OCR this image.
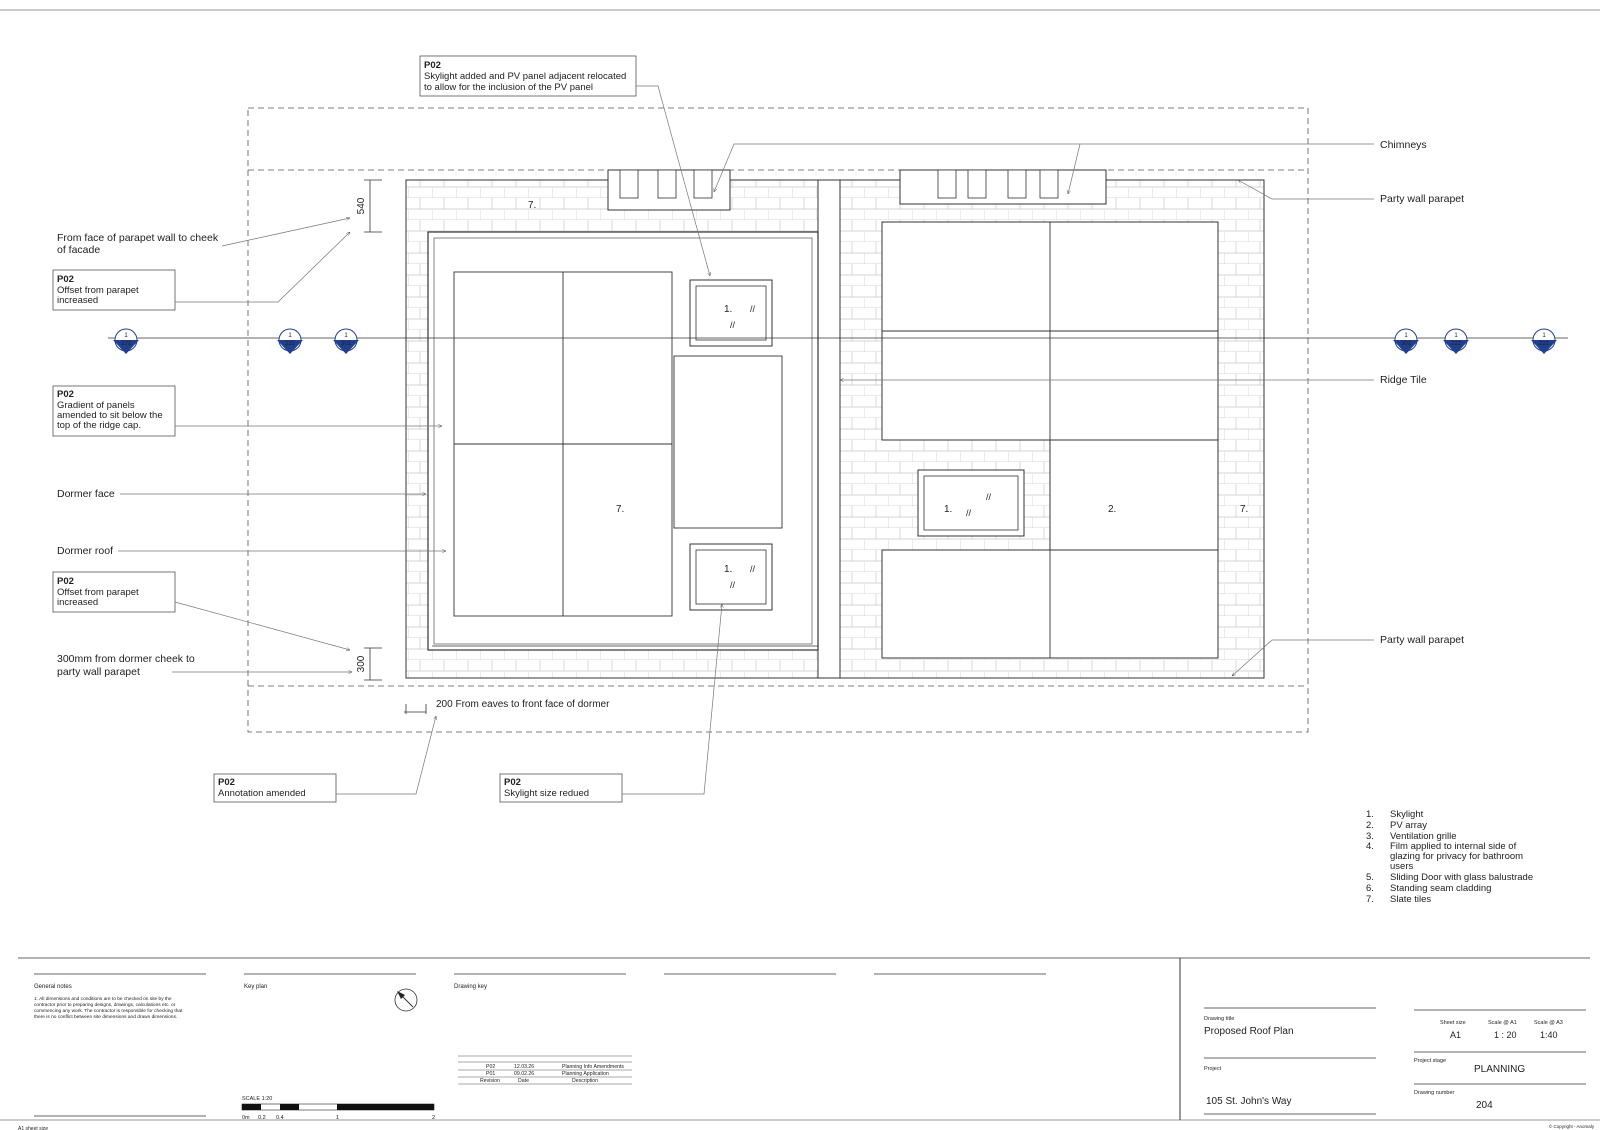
1. //
//
1. //
//
1.
//
//
7.
7.	2.	7.
1
221
1
222
1
301
1
301
1
222
1
221
540
300
200 From eaves to front face of dormer
P02
Skylight added and PV panel adjacent relocated
to allow for the inclusion of the PV panel
From face of parapet wall to cheek
of facade
P02
Offset from parapet
increased
P02
Gradient of panels
amended to sit below the
top of the ridge cap.
Dormer face
Dormer roof
P02
Offset from parapet
increased
300mm from dormer cheek to
party wall parapet
P02
Annotation amended
P02
Skylight size redued
Chimneys
Party wall parapet
Ridge Tile
Party wall parapet
1. Skylight
2. PV array
3. Ventilation grille
4. Film applied to internal side of
glazing for privacy for bathroom
users
5. Sliding Door with glass balustrade
6. Standing seam cladding
7. Slate tiles
General notes
1. All dimensions and conditions are to be checked on site by the
contractor prior to preparing designs, drawings, calculations etc. or
commencing any work. The contractor is responsible for checking that
there is no conflict between site dimensions and drawn dimensions.
A1 sheet size
Key plan
SCALE 1:20
0m 0.2 0.4	1	2
Drawing key
P02	12.03.26	Planning Info Amendments
P01	09.02.26	Planning Application
Revision	Date	Description
Drawing title
Proposed Roof Plan
Project
105 St. John's Way
Sheet size	Scale @ A1	Scale @ A3
A1	1 : 20	1:40
Project stage
PLANNING
Drawing number
204
© Copyright - Anomaly
